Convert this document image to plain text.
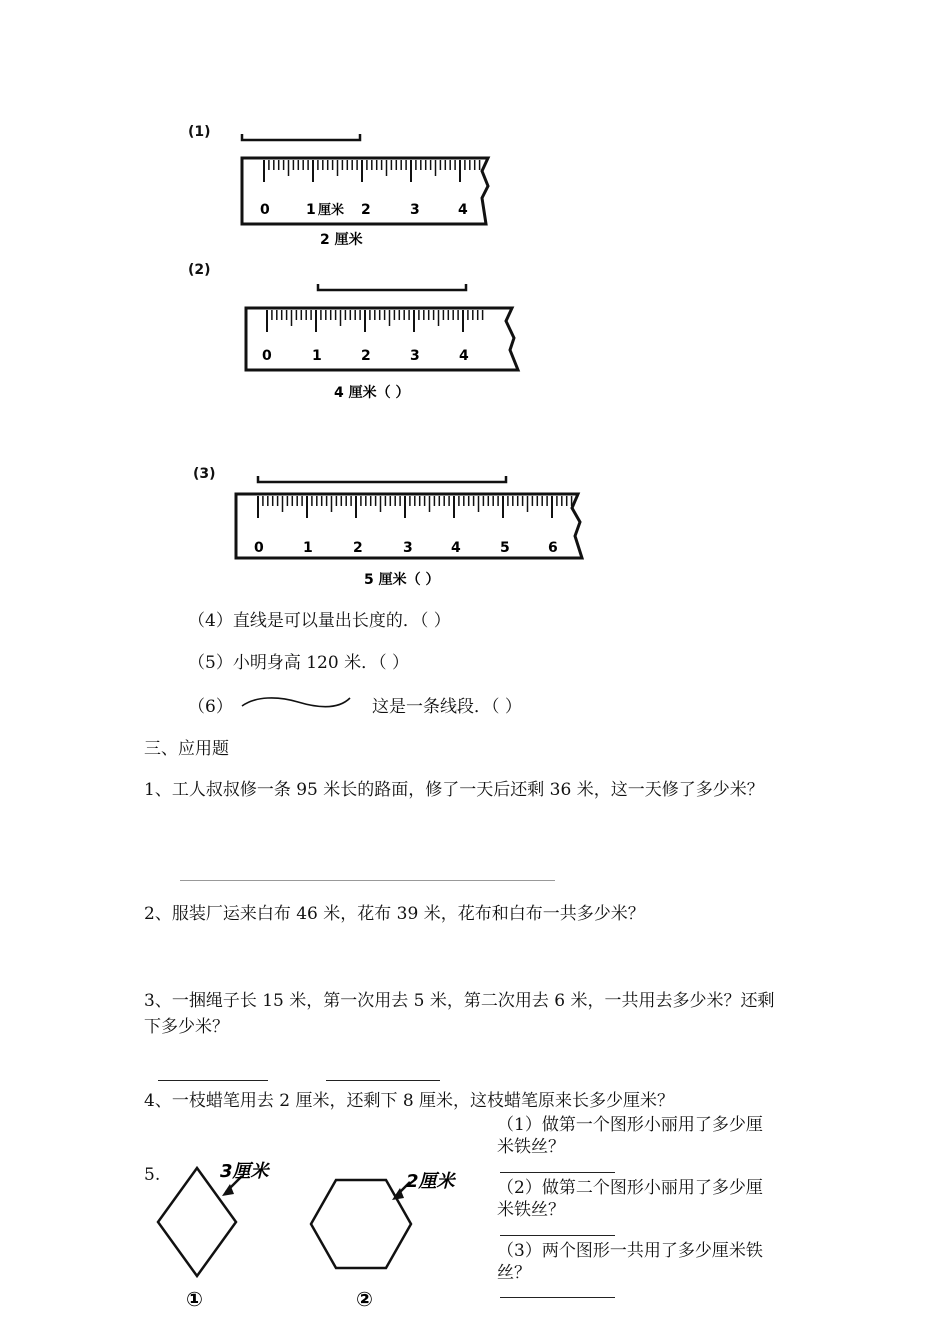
(1)
0	1 厘米 2	3	4
2 厘米
(2)
0	1	2	3	4
4 厘米（ ）
(3)
0	1	2	3	4	5	6
5 厘米（ ）
（4）直线是可以量出长度的．（ ）
（5）小明身高 120 米．（ ）
（6）	这是一条线段．（ ）
三、应用题
1、工人叔叔修一条 95 米长的路面，修了一天后还剩 36 米，这一天修了多少米？
2、服装厂运来白布 46 米，花布 39 米，花布和白布一共多少米？
3、一捆绳子长 15 米，第一次用去 5 米，第二次用去 6 米，一共用去多少米？还剩
下多少米？
4、一枝蜡笔用去 2 厘米，还剩下 8 厘米，这枝蜡笔原来长多少厘米？
5.	3厘米
①
2厘米
②
（1）做第一个图形小丽用了多少厘
米铁丝？
（2）做第二个图形小丽用了多少厘
米铁丝？
（3）两个图形一共用了多少厘米铁
丝？
